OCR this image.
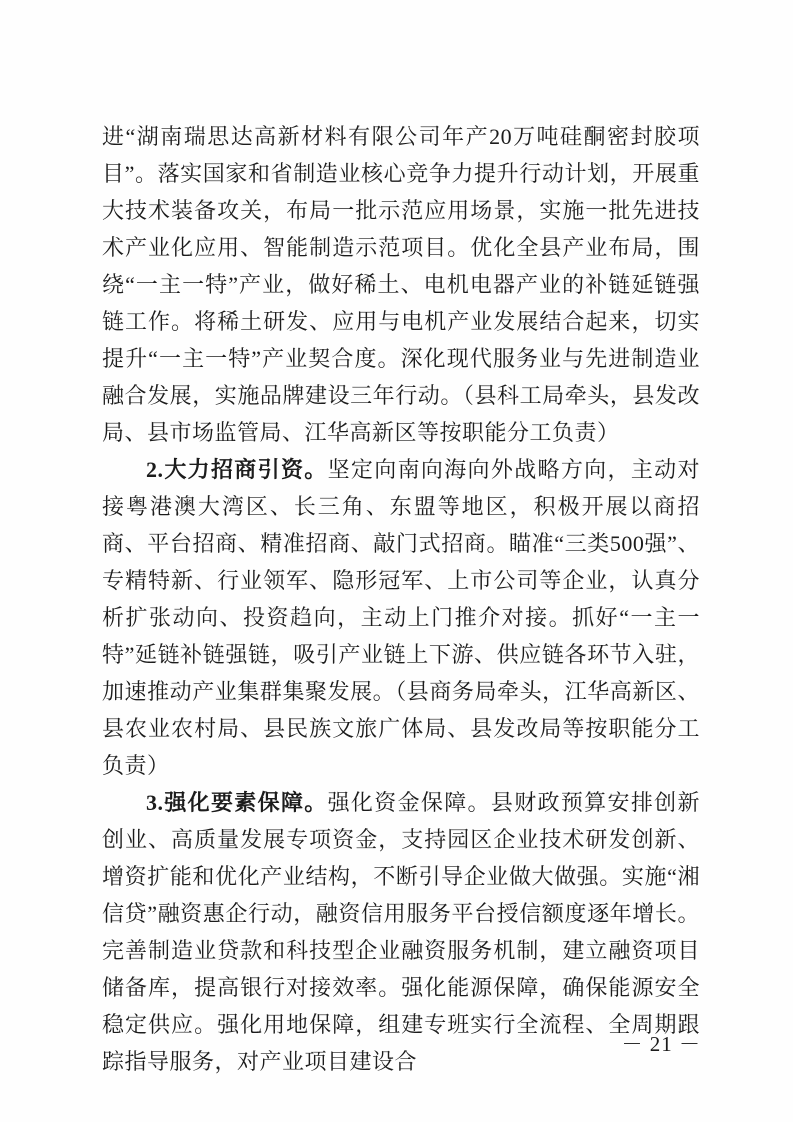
进“湖南瑞思达高新材料有限公司年产20万吨硅酮密封胶项目”。落实国家和省制造业核心竞争力提升行动计划，开展重大技术装备攻关，布局一批示范应用场景，实施一批先进技术产业化应用、智能制造示范项目。优化全县产业布局，围绕“一主一特”产业，做好稀土、电机电器产业的补链延链强链工作。将稀土研发、应用与电机产业发展结合起来，切实提升“一主一特”产业契合度。深化现代服务业与先进制造业融合发展，实施品牌建设三年行动。（县科工局牵头，县发改局、县市场监管局、江华高新区等按职能分工负责）

2.大力招商引资。坚定向南向海向外战略方向，主动对接粤港澳大湾区、长三角、东盟等地区，积极开展以商招商、平台招商、精准招商、敲门式招商。瞄准“三类500强”、专精特新、行业领军、隐形冠军、上市公司等企业，认真分析扩张动向、投资趋向，主动上门推介对接。抓好“一主一特”延链补链强链，吸引产业链上下游、供应链各环节入驻，加速推动产业集群集聚发展。（县商务局牵头，江华高新区、县农业农村局、县民族文旅广体局、县发改局等按职能分工负责）

3.强化要素保障。强化资金保障。县财政预算安排创新创业、高质量发展专项资金，支持园区企业技术研发创新、增资扩能和优化产业结构，不断引导企业做大做强。实施“湘信贷”融资惠企行动，融资信用服务平台授信额度逐年增长。完善制造业贷款和科技型企业融资服务机制，建立融资项目储备库，提高银行对接效率。强化能源保障，确保能源安全稳定供应。强化用地保障，组建专班实行全流程、全周期跟踪指导服务，对产业项目建设合

－ 21 －
